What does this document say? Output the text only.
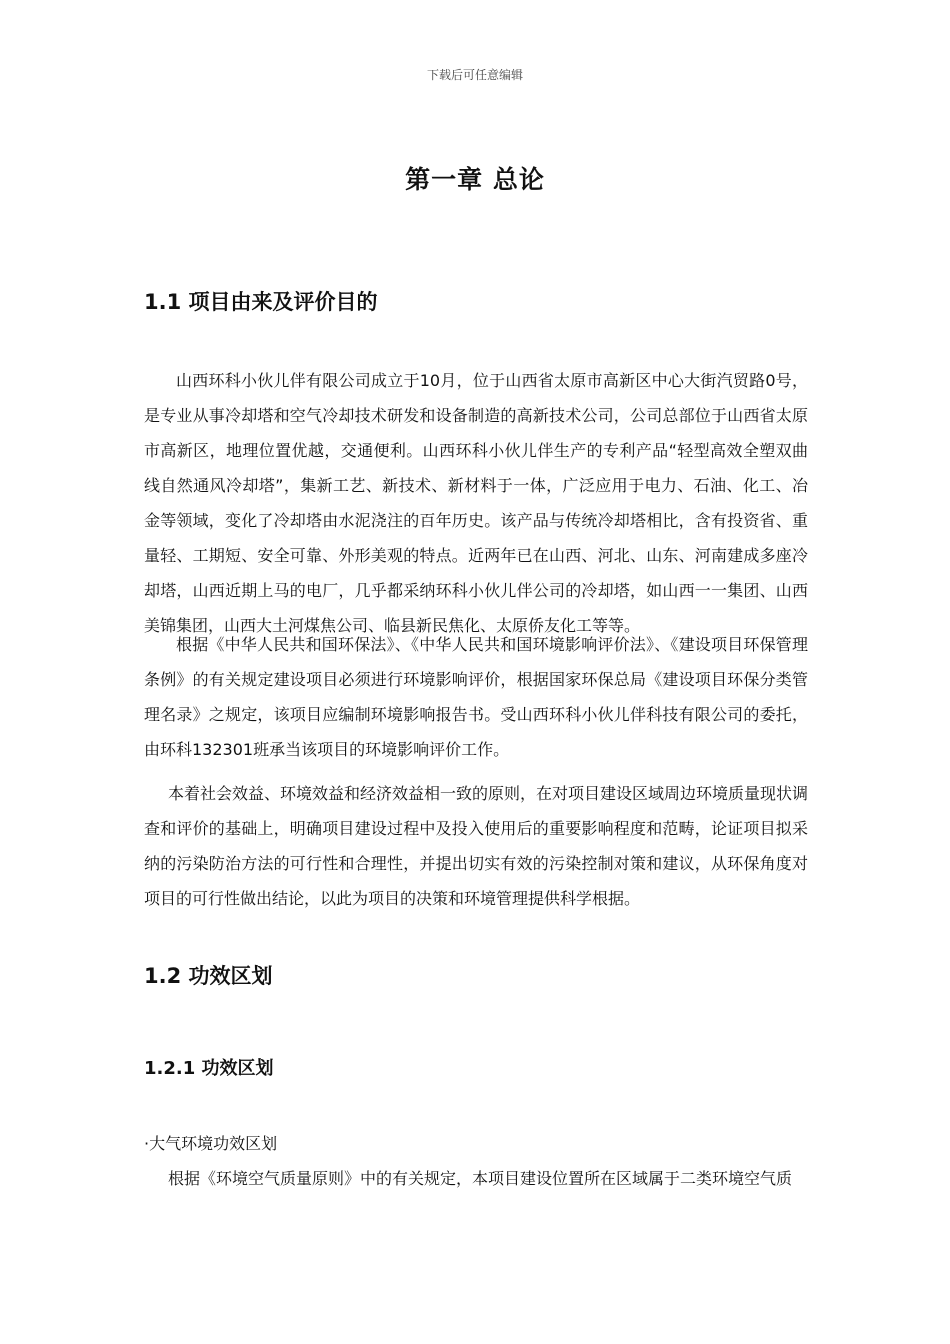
下载后可任意编辑
第一章 总论
1.1 项目由来及评价目的

山西环科小伙儿伴有限公司成立于10月，位于山西省太原市高新区中心大街汽贸路0号，是专业从事冷却塔和空气冷却技术研发和设备制造的高新技术公司，公司总部位于山西省太原市高新区，地理位置优越，交通便利。山西环科小伙儿伴生产的专利产品“轻型高效全塑双曲线自然通风冷却塔”，集新工艺、新技术、新材料于一体，广泛应用于电力、石油、化工、冶金等领域，变化了冷却塔由水泥浇注的百年历史。该产品与传统冷却塔相比，含有投资省、重量轻、工期短、安全可靠、外形美观的特点。近两年已在山西、河北、山东、河南建成多座冷却塔，山西近期上马的电厂，几乎都采纳环科小伙儿伴公司的冷却塔，如山西一一集团、山西美锦集团，山西大土河煤焦公司、临县新民焦化、太原侨友化工等等。

根据《中华人民共和国环保法》、《中华人民共和国环境影响评价法》、《建设项目环保管理条例》的有关规定建设项目必须进行环境影响评价，根据国家环保总局《建设项目环保分类管理名录》之规定，该项目应编制环境影响报告书。受山西环科小伙儿伴科技有限公司的委托，由环科132301班承当该项目的环境影响评价工作。

本着社会效益、环境效益和经济效益相一致的原则，在对项目建设区域周边环境质量现状调查和评价的基础上，明确项目建设过程中及投入使用后的重要影响程度和范畴，论证项目拟采纳的污染防治方法的可行性和合理性，并提出切实有效的污染控制对策和建议，从环保角度对项目的可行性做出结论，以此为项目的决策和环境管理提供科学根据。

1.2 功效区划
1.2.1 功效区划

·大气环境功效区划

根据《环境空气质量原则》中的有关规定，本项目建设位置所在区域属于二类环境空气质
